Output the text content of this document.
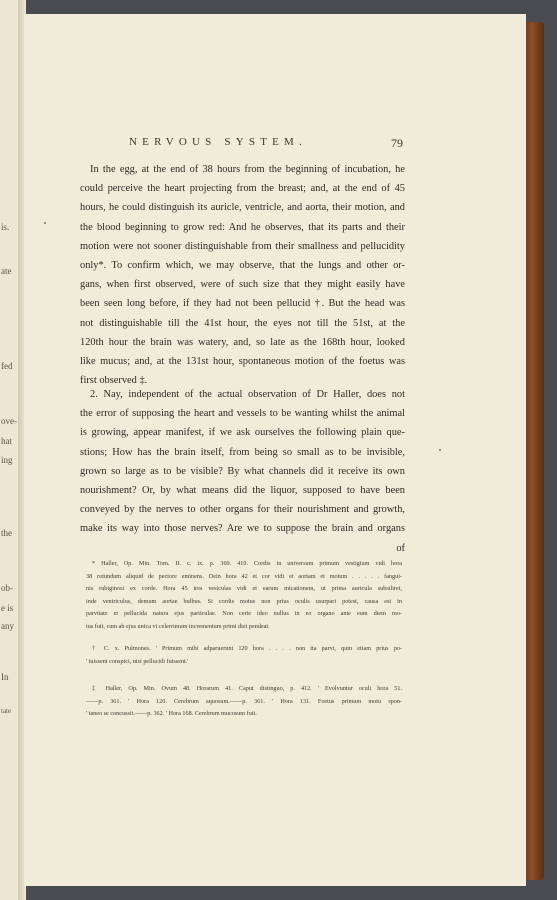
is.
ate
fed
ove-
hat
ing
the
ob-
e is
any
In
tate
NERVOUS SYSTEM.	79
In the egg, at the end of 38 hours from the beginning of incubation, he
could perceive the heart projecting from the breast; and, at the end of 45
hours, he could distinguish its auricle, ventricle, and aorta, their motion, and
the blood beginning to grow red: And he observes, that its parts and their
motion were not sooner distinguishable from their smallness and pellucidity
only*. To confirm which, we may observe, that the lungs and other or-
gans, when first observed, were of such size that they might easily have
been seen long before, if they had not been pellucid †. But the head was
not distinguishable till the 41st hour, the eyes not till the 51st, at the
120th hour the brain was watery, and, so late as the 168th hour, looked
like mucus; and, at the 131st hour, spontaneous motion of the foetus was
first observed ‡.
2. Nay, independent of the actual observation of Dr Haller, does not
the error of supposing the heart and vessels to be wanting whilst the animal
is growing, appear manifest, if we ask ourselves the following plain que-
stions; How has the brain itself, from being so small as to be invisible,
grown so large as to be visible? By what channels did it receive its own
nourishment? Or, by what means did the liquor, supposed to have been
conveyed by the nerves to other organs for their nourishment and growth,
make its way into those nerves? Are we to suppose the brain and organs
of
* Haller, Op. Min. Tom. II. c. ix. p. 369. 410. Cordis in universum primum vestigium vidi hora
38 rotundum aliquid de pectore eminens. Dein hora 42 et cor vidi et aortam et motum . . . . . fangui-
nis rubiginosi ex corde. Hora 45 tres vesiculas vidi et earum micationem, ut prima auricula subsiliret,
inde ventriculus, demum aortae bulbus. Si cordis motus non prius oculis usurpari potest, causa est in
parvitate et pellucida natura ejus particulae. Non certe ideo nullus in eo organo ante eum diem mo-
tus fuit, cum ab ejus unica vi celerrimum incrementum primi diei pendeat.
† C. x. Pulmones. ' Primum mihi adparuerunt 120 hora . . . . non ita parvi, quin etiam prius po-
' tuissent conspici, nisi pellucidi fuissent.'
‡ Haller, Op. Min. Ovum 48. Horarum 41. Caput distinguo, p. 412. ' Evolvuntur oculi hora 51.
——p. 361. ' Hora 120. Cerebrum aquosum.——p. 361. ' Hora 131. Foetus primum motu spon-
' taneo se concussit.——p. 362. ' Hora 168. Cerebrum mucosum fuit.
